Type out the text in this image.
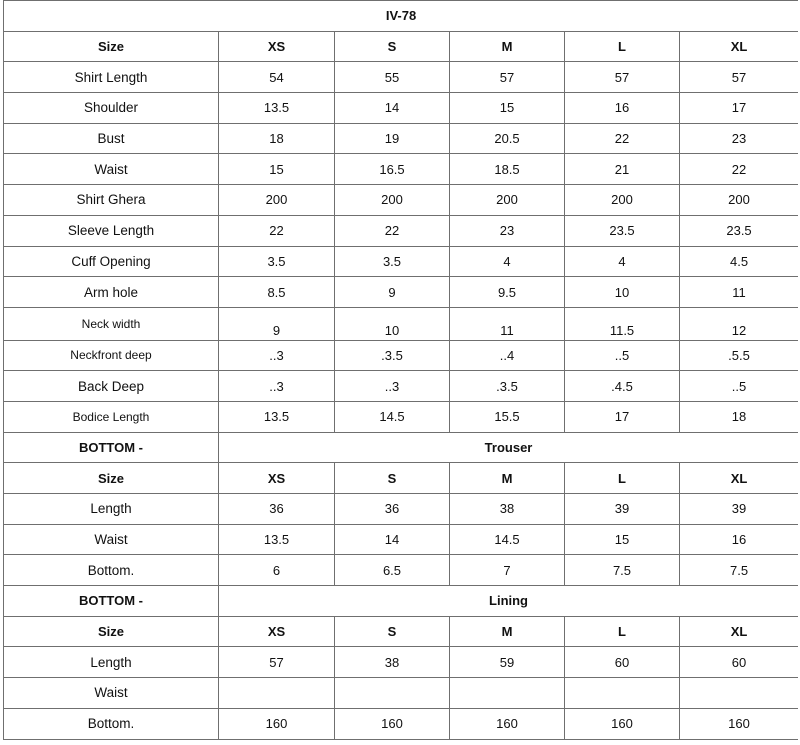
IV-78					
Size	XS	S	M	L	XL
Shirt Length	54	55	57	57	57
Shoulder	13.5	14	15	16	17
Bust	18	19	20.5	22	23
Waist	15	16.5	18.5	21	22
Shirt Ghera	200	200	200	200	200
Sleeve Length	22	22	23	23.5	23.5
Cuff Opening	3.5	3.5	4	4	4.5
Arm hole	8.5	9	9.5	10	11
Neck width	9	10	11	11.5	12
Neckfront deep	..3	.3.5	..4	..5	.5.5
Back Deep	..3	..3	.3.5	.4.5	..5
Bodice Length	13.5	14.5	15.5	17	18
BOTTOM -	Trouser				
Size	XS	S	M	L	XL
Length	36	36	38	39	39
Waist	13.5	14	14.5	15	16
Bottom.	6	6.5	7	7.5	7.5
BOTTOM -	Lining				
Size	XS	S	M	L	XL
Length	57	38	59	60	60
Waist					
Bottom.	160	160	160	160	160
